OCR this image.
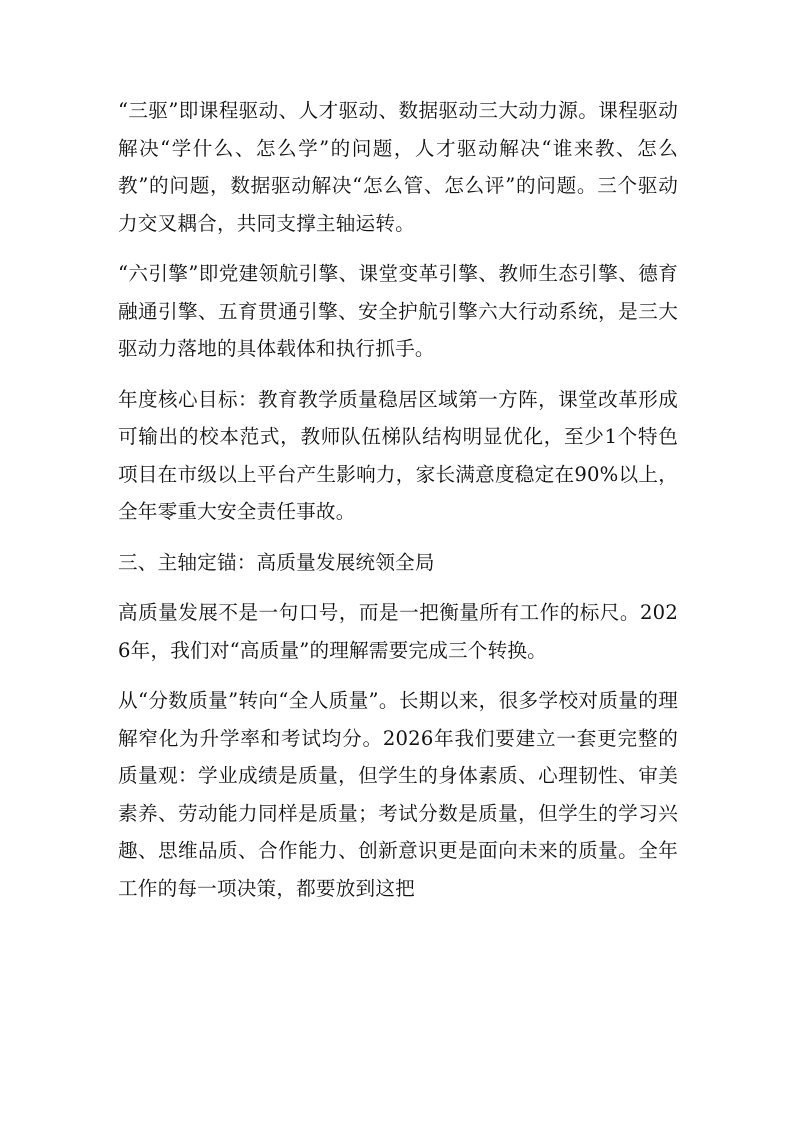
“三驱”即课程驱动、人才驱动、数据驱动三大动力源。课程驱动解决“学什么、怎么学”的问题，人才驱动解决“谁来教、怎么教”的问题，数据驱动解决“怎么管、怎么评”的问题。三个驱动力交叉耦合，共同支撑主轴运转。

“六引擎”即党建领航引擎、课堂变革引擎、教师生态引擎、德育融通引擎、五育贯通引擎、安全护航引擎六大行动系统，是三大驱动力落地的具体载体和执行抓手。

年度核心目标：教育教学质量稳居区域第一方阵，课堂改革形成可输出的校本范式，教师队伍梯队结构明显优化，至少1个特色项目在市级以上平台产生影响力，家长满意度稳定在90%以上，全年零重大安全责任事故。

三、主轴定锚：高质量发展统领全局

高质量发展不是一句口号，而是一把衡量所有工作的标尺。2026年，我们对“高质量”的理解需要完成三个转换。

从“分数质量”转向“全人质量”。长期以来，很多学校对质量的理解窄化为升学率和考试均分。2026年我们要建立一套更完整的质量观：学业成绩是质量，但学生的身体素质、心理韧性、审美素养、劳动能力同样是质量；考试分数是质量，但学生的学习兴趣、思维品质、合作能力、创新意识更是面向未来的质量。全年工作的每一项决策，都要放到这把
